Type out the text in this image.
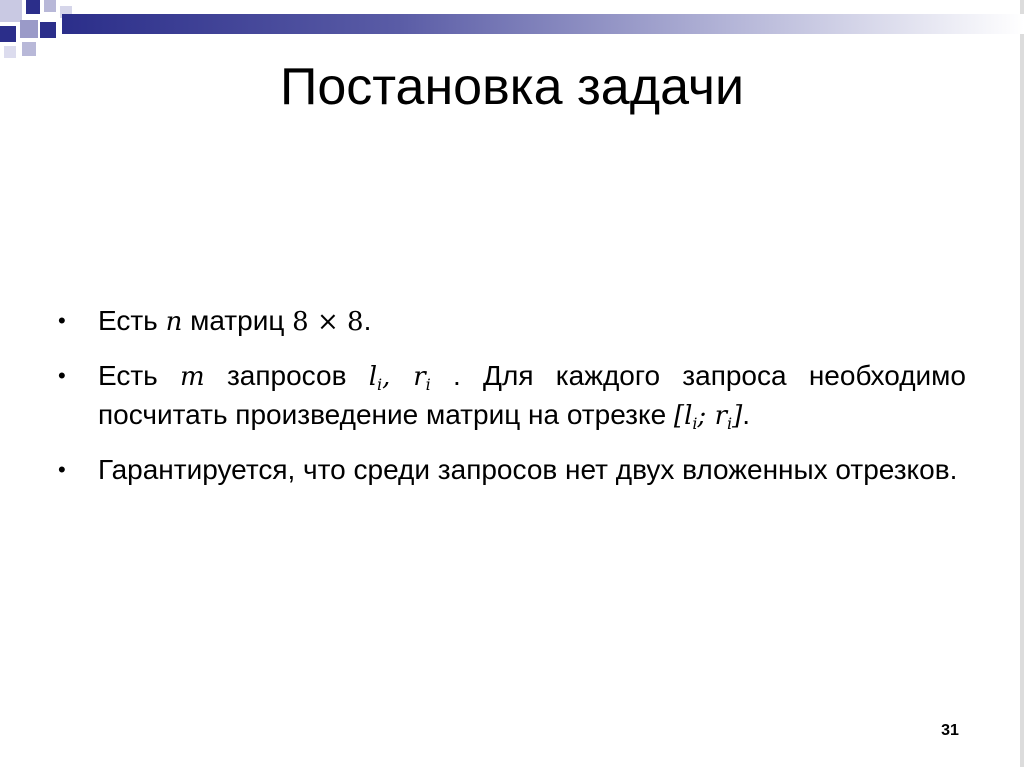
Постановка задачи
• Есть n матриц 8 × 8.
• Есть m запросов $l_i$, $r_i$ . Для каждого запроса необходимо посчитать произведение матриц на отрезке [$l_i$; $r_i$].
• Гарантируется, что среди запросов нет двух вложенных отрезков.
31
